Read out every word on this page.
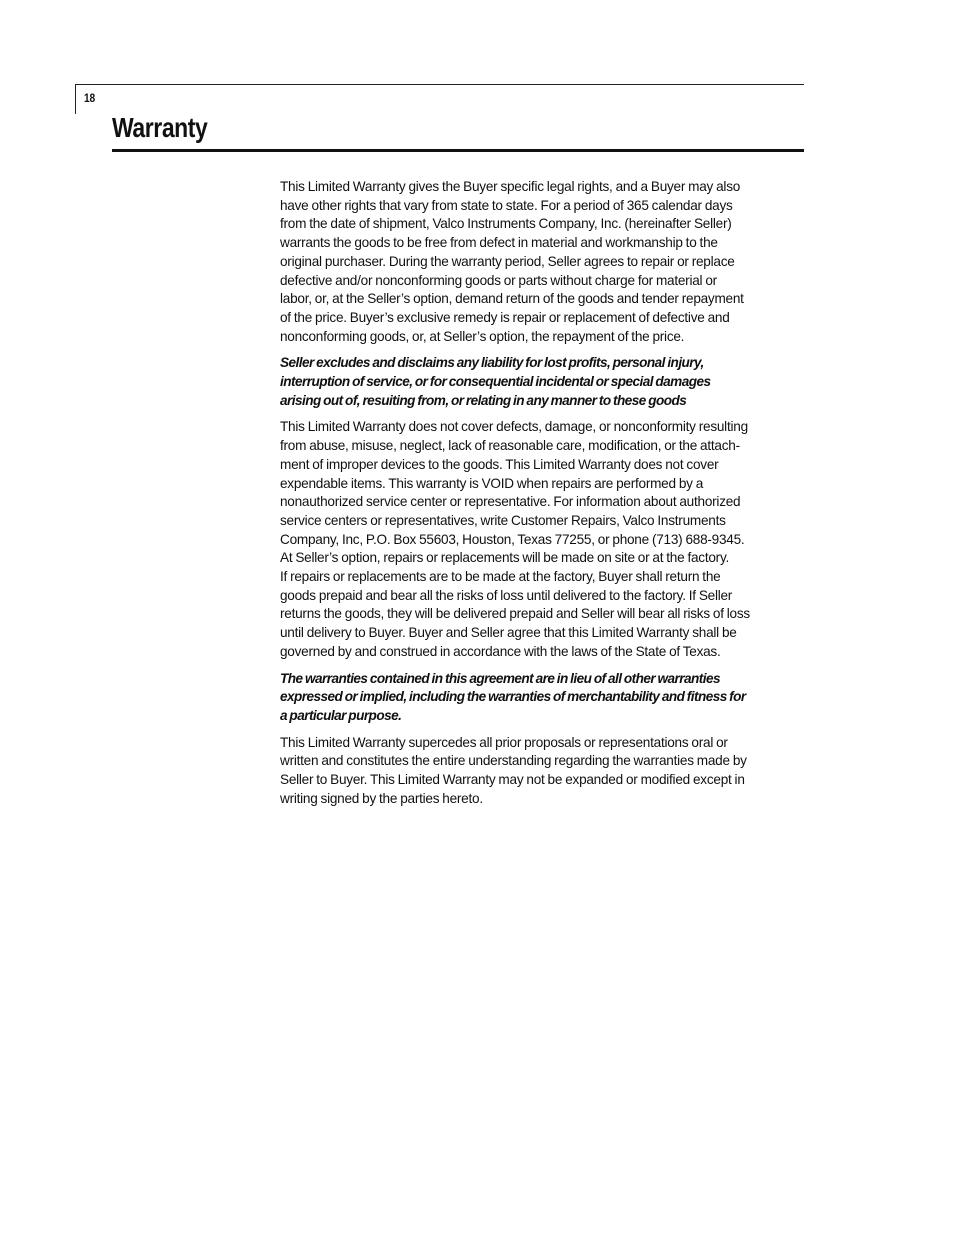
18
Warranty

This Limited Warranty gives the Buyer specific legal rights, and a Buyer may also
have other rights that vary from state to state. For a period of 365 calendar days
from the date of shipment, Valco Instruments Company, Inc. (hereinafter Seller)
warrants the goods to be free from defect in material and workmanship to the
original purchaser. During the warranty period, Seller agrees to repair or replace
defective and/or nonconforming goods or parts without charge for material or
labor, or, at the Seller’s option, demand return of the goods and tender repayment
of the price. Buyer’s exclusive remedy is repair or replacement of defective and
nonconforming goods, or, at Seller’s option, the repayment of the price.

Seller excludes and disclaims any liability for lost profits, personal injury,
interruption of service, or for consequential incidental or special damages
arising out of, resuiting from, or relating in any manner to these goods

This Limited Warranty does not cover defects, damage, or nonconformity resulting
from abuse, misuse, neglect, lack of reasonable care, modification, or the attach-
ment of improper devices to the goods. This Limited Warranty does not cover
expendable items. This warranty is VOID when repairs are performed by a
nonauthorized service center or representative. For information about authorized
service centers or representatives, write Customer Repairs, Valco Instruments
Company, Inc, P.O. Box 55603, Houston, Texas 77255, or phone (713) 688-9345.
At Seller’s option, repairs or replacements will be made on site or at the factory.
If repairs or replacements are to be made at the factory, Buyer shall return the
goods prepaid and bear all the risks of loss until delivered to the factory. If Seller
returns the goods, they will be delivered prepaid and Seller will bear all risks of loss
until delivery to Buyer. Buyer and Seller agree that this Limited Warranty shall be
governed by and construed in accordance with the laws of the State of Texas.

The warranties contained in this agreement are in lieu of all other warranties
expressed or implied, including the warranties of merchantability and fitness for
a particular purpose.

This Limited Warranty supercedes all prior proposals or representations oral or
written and constitutes the entire understanding regarding the warranties made by
Seller to Buyer. This Limited Warranty may not be expanded or modified except in
writing signed by the parties hereto.
